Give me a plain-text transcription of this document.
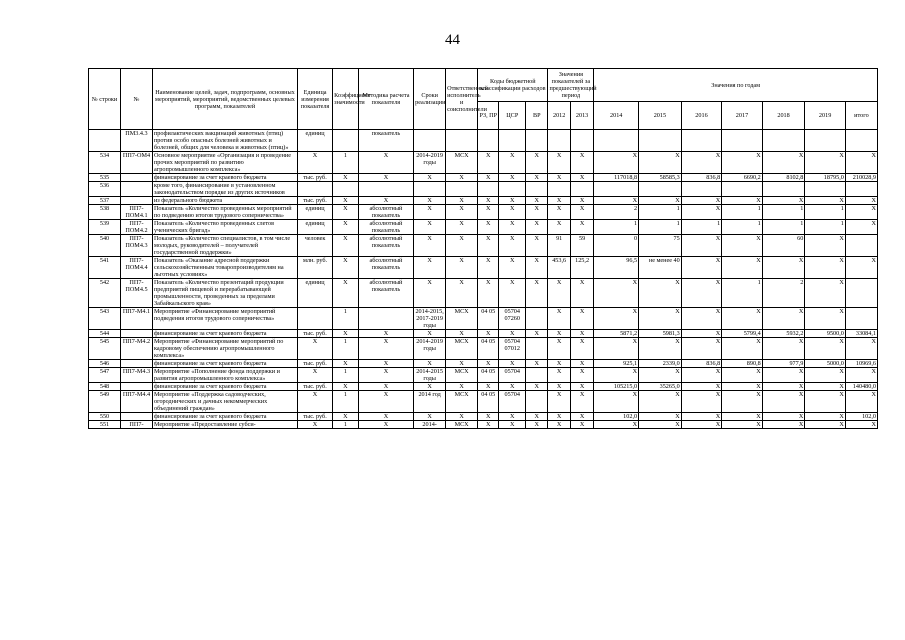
44
№ строки	№	Наименование целей, задач, подпрограмм, основных мероприятий, мероприятий, ведомственных целевых программ, показателей	Единица измерения показателя	Коэффициент значимости	Методика расчета показателя	Сроки реализации	Ответственный исполнитель и соисполнители	Коды бюджетной классификации расходов			Значения показателей за предшествующий период		Значения по годам						
								РЗ, ПР	ЦСР	ВР	2012	2013	2014	2015	2016	2017	2018	2019	итого
	ПМ3.4.3	профилактических вакцинаций животных (птиц) против особо опасных болезней животных и болезней, общих для человека и животных (птиц)»	единиц		показатель														
534	ПП7-ОМ4	Основное мероприятие «Организация и проведение прочих мероприятий по развитию агропромышленного комплекса»	X	1	X	2014-2019 годы	МСХ	X	X	X	X	X	X	X	X	X	X	X	X
535		финансирование за счет краевого бюджета	тыс. руб.	X	X	X	X	X	X	X	X	X	117018,8	58585,3	836,8	6690,2	8102,8	18795,0	210028,9
536		кроме того, финансирование в установленном законодательством порядке из других источников																	
537		из федерального бюджета	тыс. руб.	X	X	X	X	X	X	X	X	X	X	X	X	X	X	X	X
538	ПП7-ПОМ4.1	Показатель «Количество проведенных мероприятий по подведению итогов трудового соперничества»	единиц	X	абсолютный показатель	X	X	X	X	X	X	X	2	1	X	1	1	1	X
539	ПП7-ПОМ4.2	Показатель «Количество проведенных слетов ученических бригад»	единиц	X	абсолютный показатель	X	X	X	X	X	X	X	1	1	1	1	1	1	X
540	ПП7-ПОМ4.3	Показатель «Количество специалистов, в том числе молодых, руководителей – получателей государственной поддержки»	человек	X	абсолютный показатель	X	X	X	X	X	91	59	0	75	X	X	60	X	
541	ПП7-ПОМ4.4	Показатель «Оказание адресной поддержки сельскохозяйственным товаропроизводителям на льготных условиях»	млн. руб.	X	абсолютный показатель	X	X	X	X	X	453,6	125,2	96,5	не менее 40	X	X	X	X	X
542	ПП7-ПОМ4.5	Показатель «Количество презентаций продукции предприятий пищевой и перерабатывающей промышленности, проведенных за пределами Забайкальского края»	единиц	X	абсолютный показатель	X	X	X	X	X	X	X	X	X	X	1	2	X	
543	ПП7-М4.1	Мероприятие «Финансирование мероприятий подведения итогов трудового соперничества»		1		2014-2015, 2017-2019 годы	МСХ	04 05	05704 07260		X	X	X	X	X	X	X	X	
544		финансирование за счет краевого бюджета	тыс. руб.	X	X	X	X	X	X	X	X	X	5871,2	5981,3	X	5799,4	5932,2	9500,0	33084,1
545	ПП7-М4.2	Мероприятие «Финансирование мероприятий по кадровому обеспечению агропромышленного комплекса»	X	1	X	2014-2019 годы	МСХ	04 05	05704 07012		X	X	X	X	X	X	X	X	X
546		финансирование за счет краевого бюджета	тыс. руб.	X	X	X	X	X	X	X	X	X	925,1	2339,0	836,8	890,8	977,9	5000,0	10969,6
547	ПП7-М4.3	Мероприятие «Пополнение фонда поддержки и развития агропромышленного комплекса»	X	1	X	2014-2015 годы	МСХ	04 05	05704		X	X	X	X	X	X	X	X	X
548		финансирование за счет краевого бюджета	тыс. руб.	X	X	X	X	X	X	X	X	X	105215,0	35265,0	X	X	X	X	140480,0
549	ПП7-М4.4	Мероприятие «Поддержка садоводческих, огороднических и дачных некоммерческих объединений граждан»	X	1	X	2014 год	МСХ	04 05	05704		X	X	X	X	X	X	X	X	X
550		финансирование за счет краевого бюджета	тыс. руб.	X	X	X	X	X	X	X	X	X	102,0	X	X	X	X	X	102,0
551	ПП7-	Мероприятие «Предоставление субси-	X	1	X	2014-	МСХ	X	X	X	X	X	X	X	X	X	X	X	X
